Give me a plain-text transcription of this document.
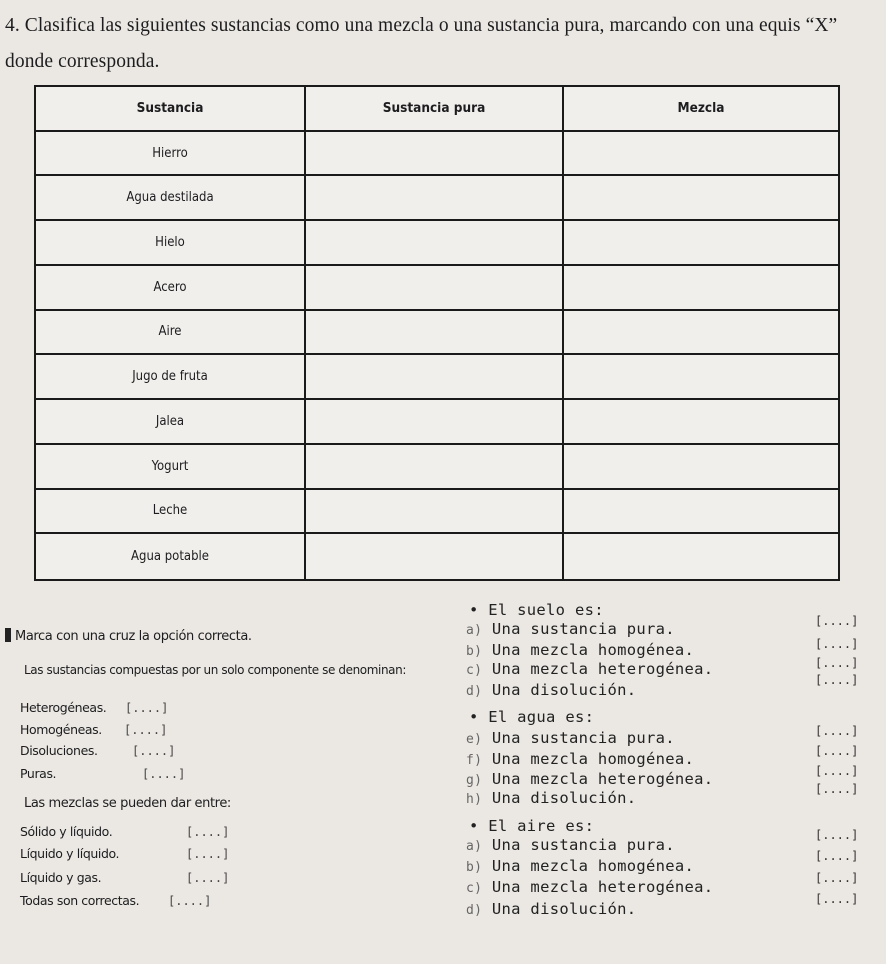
4. Clasifica las siguientes sustancias como una mezcla o una sustancia pura, marcando con una equis “X” donde corresponda.
Sustancia	Sustancia pura	Mezcla
Hierro
Agua destilada
Hielo
Acero
Aire
Jugo de fruta
Jalea
Yogurt
Leche
Agua potable
Marca con una cruz la opción correcta.
Las sustancias compuestas por un solo componente se denominan:
Heterogéneas. [....]
Homogéneas. [....]
Disoluciones.	[....]
Puras.	[....]
Las mezclas se pueden dar entre:
Sólido y líquido.	[....]
Líquido y líquido.	[....]
Líquido y gas.	[....]
Todas son correctas. [....]
• El suelo es:
a) Una sustancia pura.	[....]
b) Una mezcla homogénea.	[....]
c) Una mezcla heterogénea.	[....]
d) Una disolución.
[....]
• El agua es:
e) Una sustancia pura.	[....]
f) Una mezcla homogénea.	[....]
g) Una mezcla heterogénea.	[....]
h) Una disolución.	[....]
• El aire es:
a) Una sustancia pura.
[....]
b) Una mezcla homogénea.
[....]
c) Una mezcla heterogénea.	[....]
d) Una disolución.
[....]
